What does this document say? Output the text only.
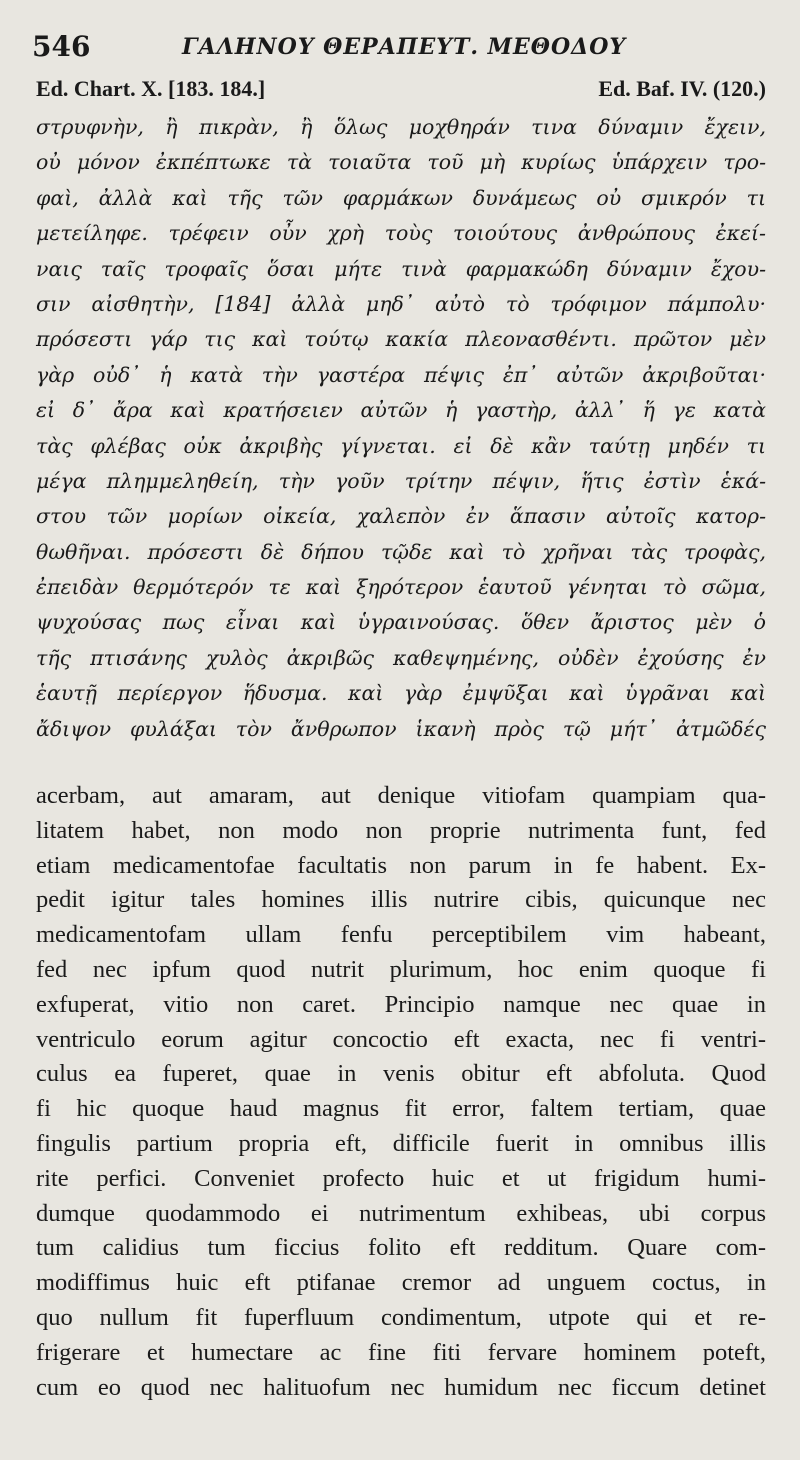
546	ΓΑΛΗΝΟΥ ΘΕΡΑΠΕΥΤ. ΜΕΘΟΔΟΥ
Ed. Chart. X. [183. 184.]	Ed. Baf. IV. (120.)
στρυφνὴν, ἢ πικρὰν, ἢ ὅλως μοχθηράν τινα δύναμιν ἔχειν,
οὐ μόνον ἐκπέπτωκε τὰ τοιαῦτα τοῦ μὴ κυρίως ὑπάρχειν τρο-
φαὶ, ἀλλὰ καὶ τῆς τῶν φαρμάκων δυνάμεως οὐ σμικρόν τι
μετείληφε. τρέφειν οὖν χρὴ τοὺς τοιούτους ἀνθρώπους ἐκεί-
ναις ταῖς τροφαῖς ὅσαι μήτε τινὰ φαρμακώδη δύναμιν ἔχου-
σιν αἰσθητὴν, [184] ἀλλὰ μηδ᾽ αὐτὸ τὸ τρόφιμον πάμπολυ·
πρόσεστι γάρ τις καὶ τούτῳ κακία πλεονασθέντι. πρῶτον μὲν
γὰρ οὐδ᾽ ἡ κατὰ τὴν γαστέρα πέψις ἐπ᾽ αὐτῶν ἀκριβοῦται·
εἰ δ᾽ ἄρα καὶ κρατήσειεν αὐτῶν ἡ γαστὴρ, ἀλλ᾽ ἥ γε κατὰ
τὰς φλέβας οὐκ ἀκριβὴς γίγνεται. εἰ δὲ κἂν ταύτῃ μηδέν τι
μέγα πλημμεληθείη, τὴν γοῦν τρίτην πέψιν, ἥτις ἐστὶν ἑκά-
στου τῶν μορίων οἰκεία, χαλεπὸν ἐν ἅπασιν αὐτοῖς κατορ-
θωθῆναι. πρόσεστι δὲ δήπου τῷδε καὶ τὸ χρῆναι τὰς τροφὰς,
ἐπειδὰν θερμότερόν τε καὶ ξηρότερον ἑαυτοῦ γένηται τὸ σῶμα,
ψυχούσας πως εἶναι καὶ ὑγραινούσας. ὅθεν ἄριστος μὲν ὁ
τῆς πτισάνης χυλὸς ἀκριβῶς καθεψημένης, οὐδὲν ἐχούσης ἐν
ἑαυτῇ περίεργον ἥδυσμα. καὶ γὰρ ἐμψῦξαι καὶ ὑγρᾶναι καὶ
ἄδιψον φυλάξαι τὸν ἄνθρωπον ἱκανὴ πρὸς τῷ μήτ᾽ ἀτμῶδές
acerbam, aut amaram, aut denique vitiofam quampiam qua-
litatem habet, non modo non proprie nutrimenta funt, fed
etiam medicamentofae facultatis non parum in fe habent. Ex-
pedit igitur tales homines illis nutrire cibis, quicunque nec
medicamentofam ullam fenfu perceptibilem vim habeant,
fed nec ipfum quod nutrit plurimum, hoc enim quoque fi
exfuperat, vitio non caret. Principio namque nec quae in
ventriculo eorum agitur concoctio eft exacta, nec fi ventri-
culus ea fuperet, quae in venis obitur eft abfoluta. Quod
fi hic quoque haud magnus fit error, faltem tertiam, quae
fingulis partium propria eft, difficile fuerit in omnibus illis
rite perfici. Conveniet profecto huic et ut frigidum humi-
dumque quodammodo ei nutrimentum exhibeas, ubi corpus
tum calidius tum ficcius folito eft redditum. Quare com-
modiffimus huic eft ptifanae cremor ad unguem coctus, in
quo nullum fit fuperfluum condimentum, utpote qui et re-
frigerare et humectare ac fine fiti fervare hominem poteft,
cum eo quod nec halituofum nec humidum nec ficcum detinet
